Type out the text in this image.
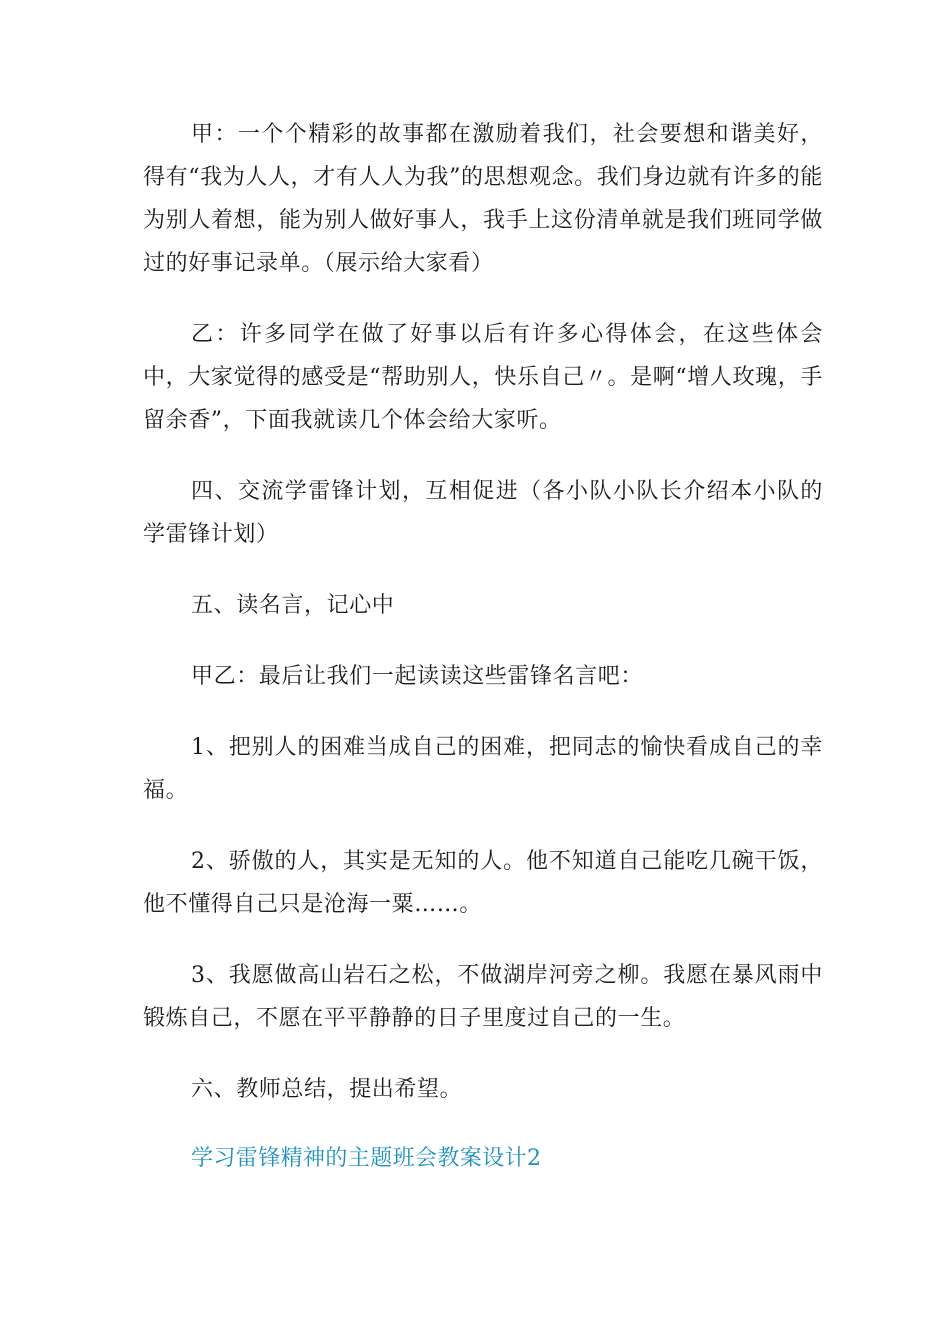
甲：一个个精彩的故事都在激励着我们，社会要想和谐美好，得有“我为人人，才有人人为我”的思想观念。我们身边就有许多的能为别人着想，能为别人做好事人，我手上这份清单就是我们班同学做过的好事记录单。（展示给大家看）

乙：许多同学在做了好事以后有许多心得体会，在这些体会中，大家觉得的感受是“帮助别人，快乐自己〃。是啊“增人玫瑰，手留余香”，下面我就读几个体会给大家听。

四、交流学雷锋计划，互相促进（各小队小队长介绍本小队的学雷锋计划）

五、读名言，记心中

甲乙：最后让我们一起读读这些雷锋名言吧：

1、把别人的困难当成自己的困难，把同志的愉快看成自己的幸福。

2、骄傲的人，其实是无知的人。他不知道自己能吃几碗干饭，他不懂得自己只是沧海一粟……。

3、我愿做高山岩石之松，不做湖岸河旁之柳。我愿在暴风雨中锻炼自己，不愿在平平静静的日子里度过自己的一生。

六、教师总结，提出希望。

学习雷锋精神的主题班会教案设计2
